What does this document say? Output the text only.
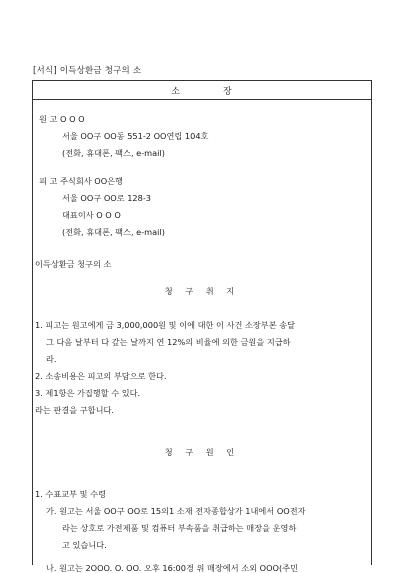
[서식] 이득상환금 청구의 소
소	장
원 고 O O O
서울 OO구 OO동 551-2 OO연립 104호
(전화, 휴대폰, 팩스, e-mail)
피 고 주식회사 OO은행
서울 OO구 OO로 128-3
대표이사 O O O
(전화, 휴대폰, 팩스, e-mail)
이득상환금 청구의 소
청 구 취 지
1. 피고는 원고에게 금 3,000,000원 및 이에 대한 이 사건 소장부본 송달
그 다음 날부터 다 갚는 날까지 연 12%의 비율에 의한 금원을 지급하
라.
2. 소송비용은 피고의 부담으로 한다.
3. 제1항은 가집행할 수 있다.
라는 판결을 구합니다.
청 구 원 인
1. 수표교부 및 수령
가. 원고는 서울 OO구 OO로 15의1 소재 전자종합상가 1내에서 OO전자
라는 상호로 가전제품 및 컴퓨터 부속품을 취급하는 매장을 운영하
고 있습니다.
나. 원고는 2OOO. O. OO. 오후 16:00경 위 매장에서 소외 OOO(주민
